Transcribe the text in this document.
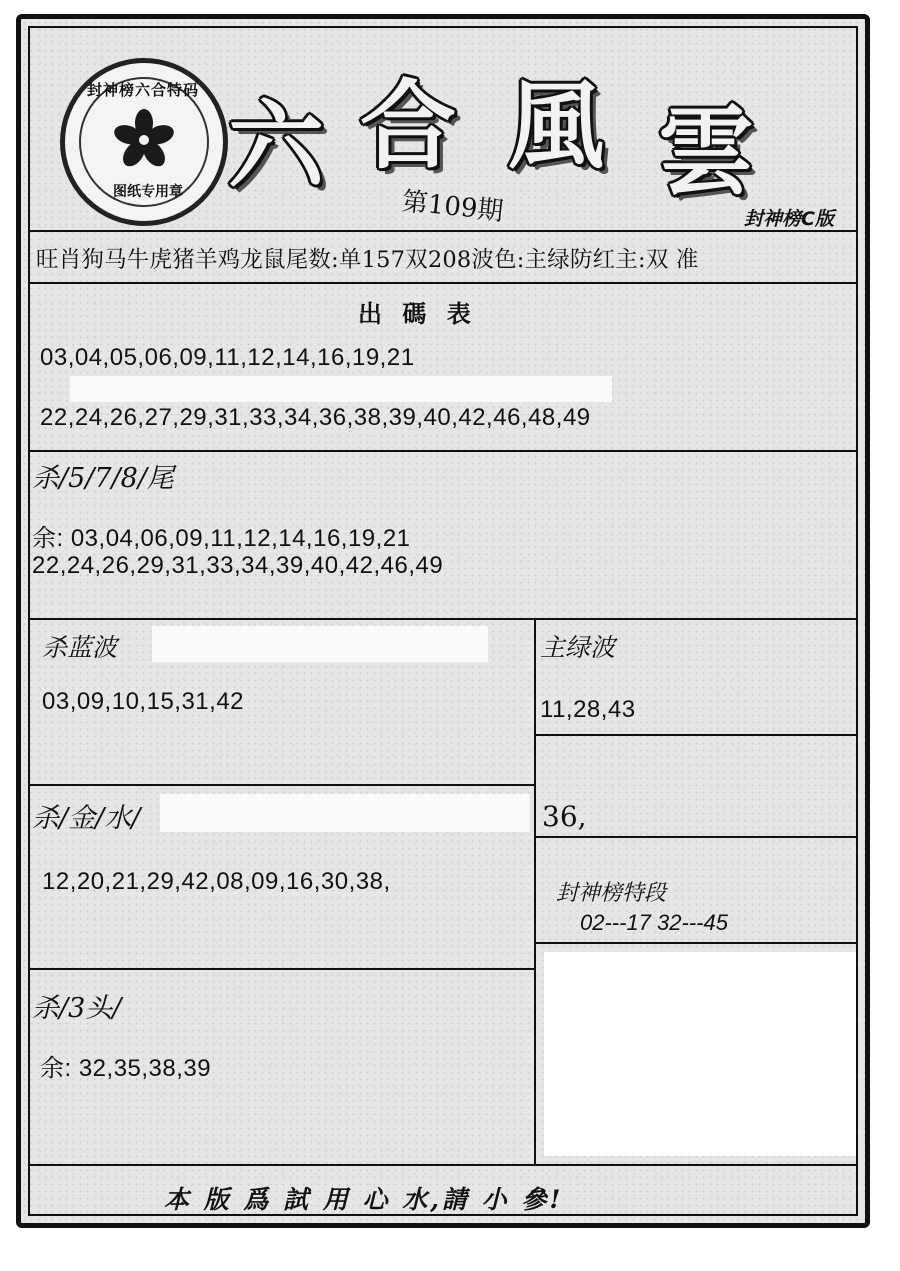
封神榜六合特码
图纸专用章 六 合 風 雲
第109期	封神榜C版
旺肖狗马牛虎猪羊鸡龙鼠尾数:单157双208波色:主绿防红主:双 准
出 碼 表
03,04,05,06,09,11,12,14,16,19,21
22,24,26,27,29,31,33,34,36,38,39,40,42,46,48,49
杀/5/7/8/尾
余: 03,04,06,09,11,12,14,16,19,21
22,24,26,29,31,33,34,39,40,42,46,49
杀蓝波
03,09,10,15,31,42
主绿波
11,28,43
杀/金/水/
12,20,21,29,42,08,09,16,30,38,
36,
封神榜特段
02---17 32---45
杀/3头/
余: 32,35,38,39
本 版 爲 試 用 心 水,請 小 參!
